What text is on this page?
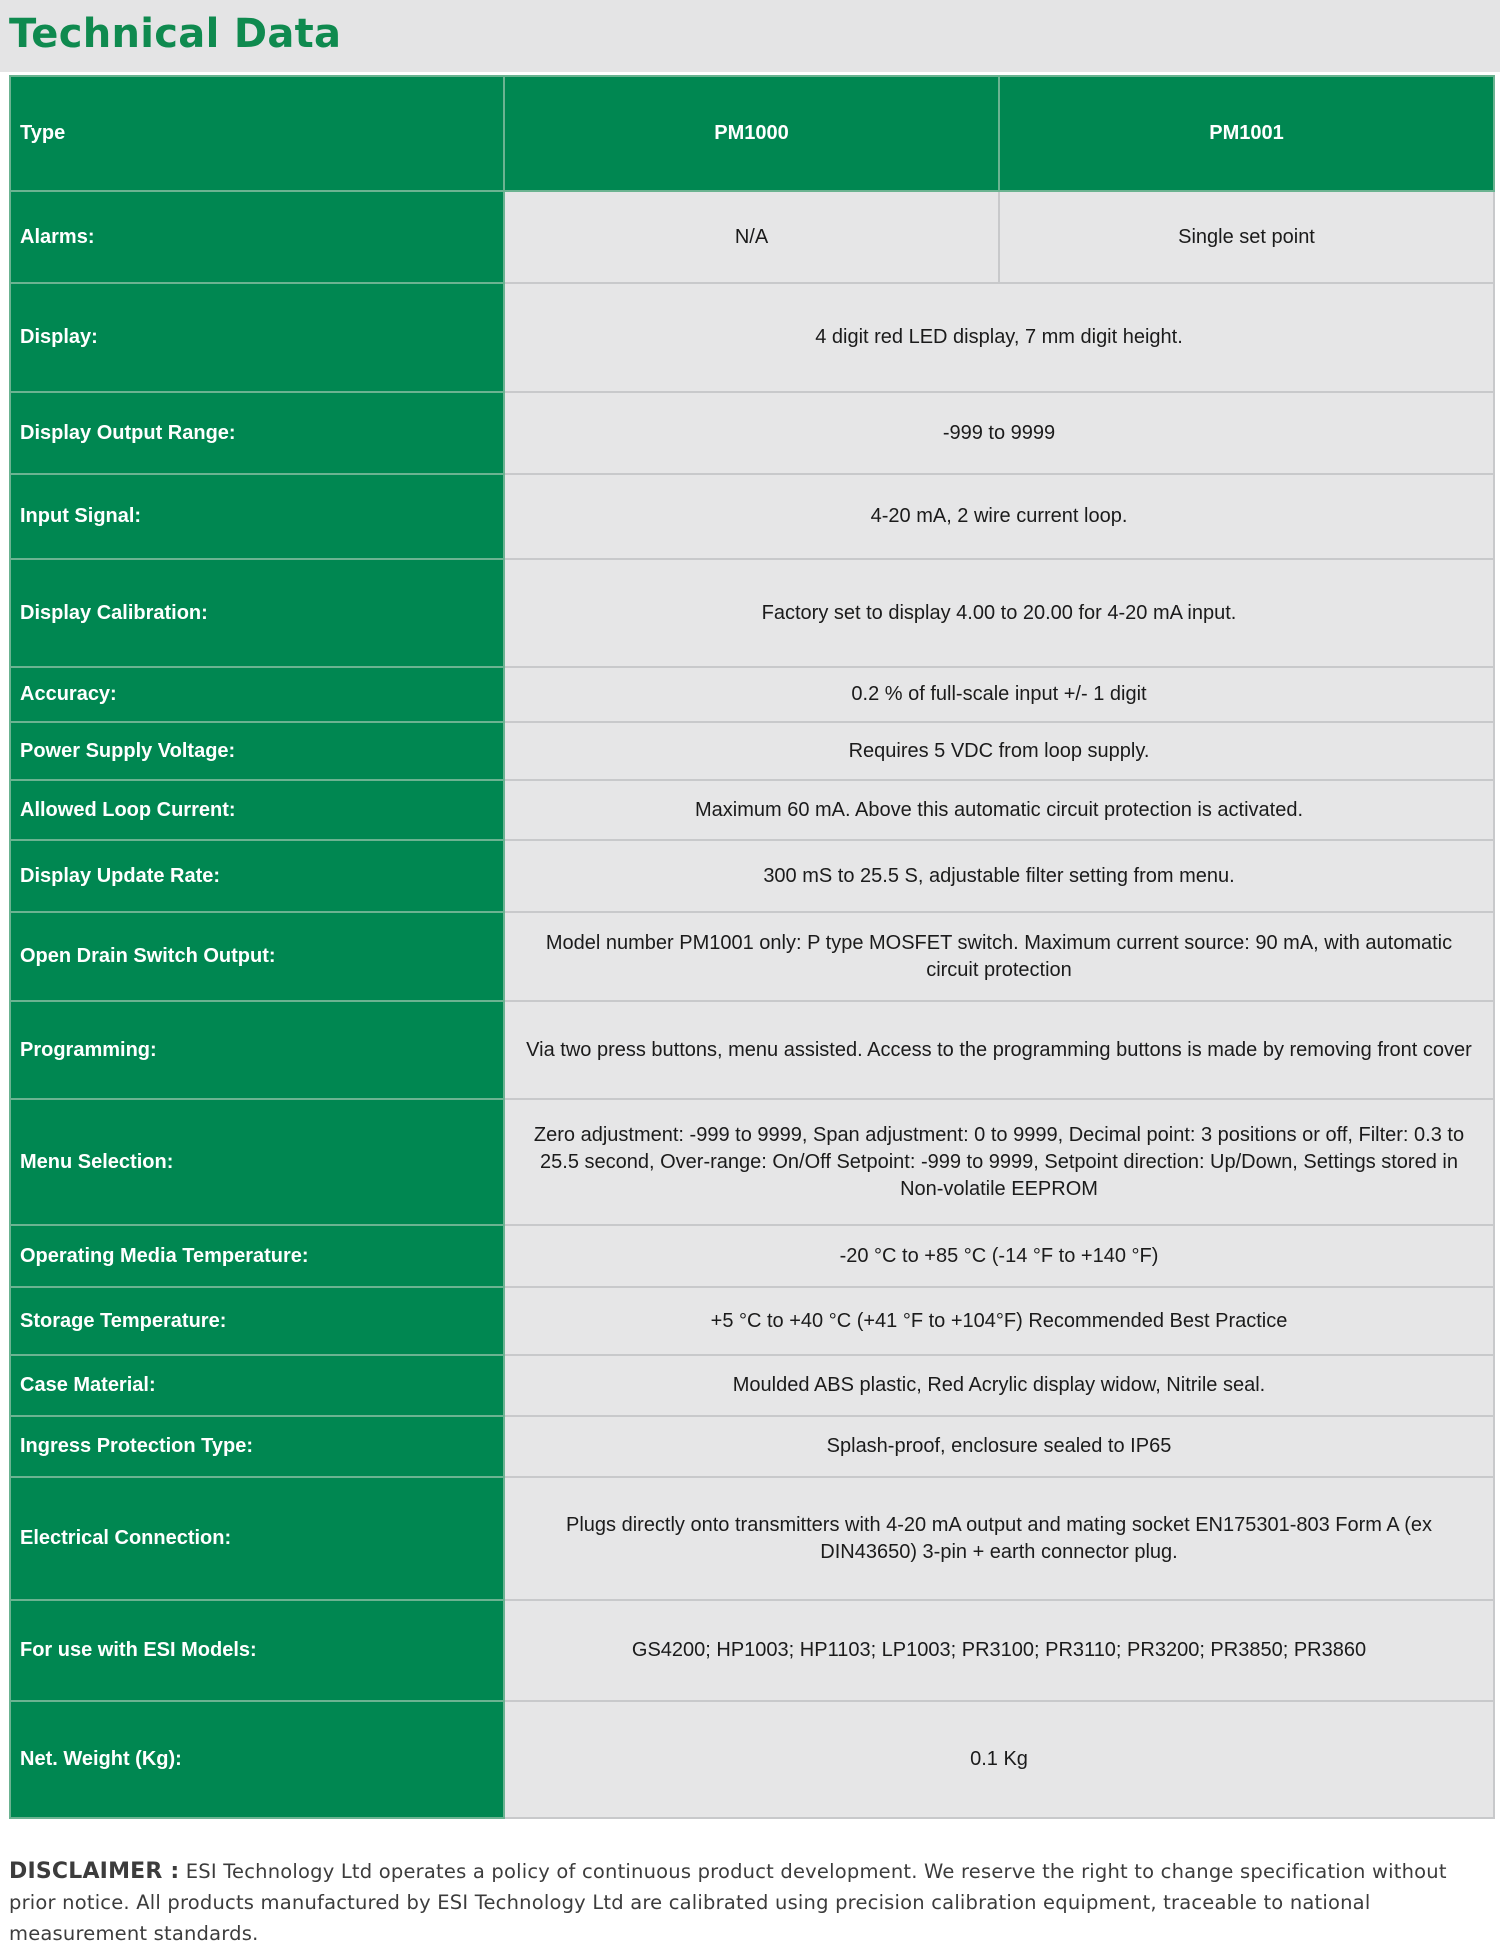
Technical Data
Type	PM1000	PM1001
Alarms:	N/A	Single set point
Display:	4 digit red LED display, 7 mm digit height.	
Display Output Range:	-999 to 9999	
Input Signal:	4-20 mA, 2 wire current loop.	
Display Calibration:	Factory set to display 4.00 to 20.00 for 4-20 mA input.	
Accuracy:	0.2 % of full-scale input +/- 1 digit	
Power Supply Voltage:	Requires 5 VDC from loop supply.	
Allowed Loop Current:	Maximum 60 mA. Above this automatic circuit protection is activated.	
Display Update Rate:	300 mS to 25.5 S, adjustable filter setting from menu.	
Open Drain Switch Output:	Model number PM1001 only: P type MOSFET switch. Maximum current source: 90 mA, with automatic circuit protection	
Programming:	Via two press buttons, menu assisted. Access to the programming buttons is made by removing front cover	
Menu Selection:	Zero adjustment: -999 to 9999, Span adjustment: 0 to 9999, Decimal point: 3 positions or off, Filter: 0.3 to 25.5 second, Over-range: On/Off Setpoint: -999 to 9999, Setpoint direction: Up/Down, Settings stored in Non-volatile EEPROM	
Operating Media Temperature:	-20 °C to +85 °C (-14 °F to +140 °F)	
Storage Temperature:	+5 °C to +40 °C (+41 °F to +104°F) Recommended Best Practice	
Case Material:	Moulded ABS plastic, Red Acrylic display widow, Nitrile seal.	
Ingress Protection Type:	Splash-proof, enclosure sealed to IP65	
Electrical Connection:	Plugs directly onto transmitters with 4-20 mA output and mating socket EN175301-803 Form A (ex DIN43650) 3-pin + earth connector plug.	
For use with ESI Models:	GS4200; HP1003; HP1103; LP1003; PR3100; PR3110; PR3200; PR3850; PR3860	
Net. Weight (Kg):	0.1 Kg	

DISCLAIMER : ESI Technology Ltd operates a policy of continuous product development. We reserve the right to change specification without prior notice. All products manufactured by ESI Technology Ltd are calibrated using precision calibration equipment, traceable to national measurement standards.
